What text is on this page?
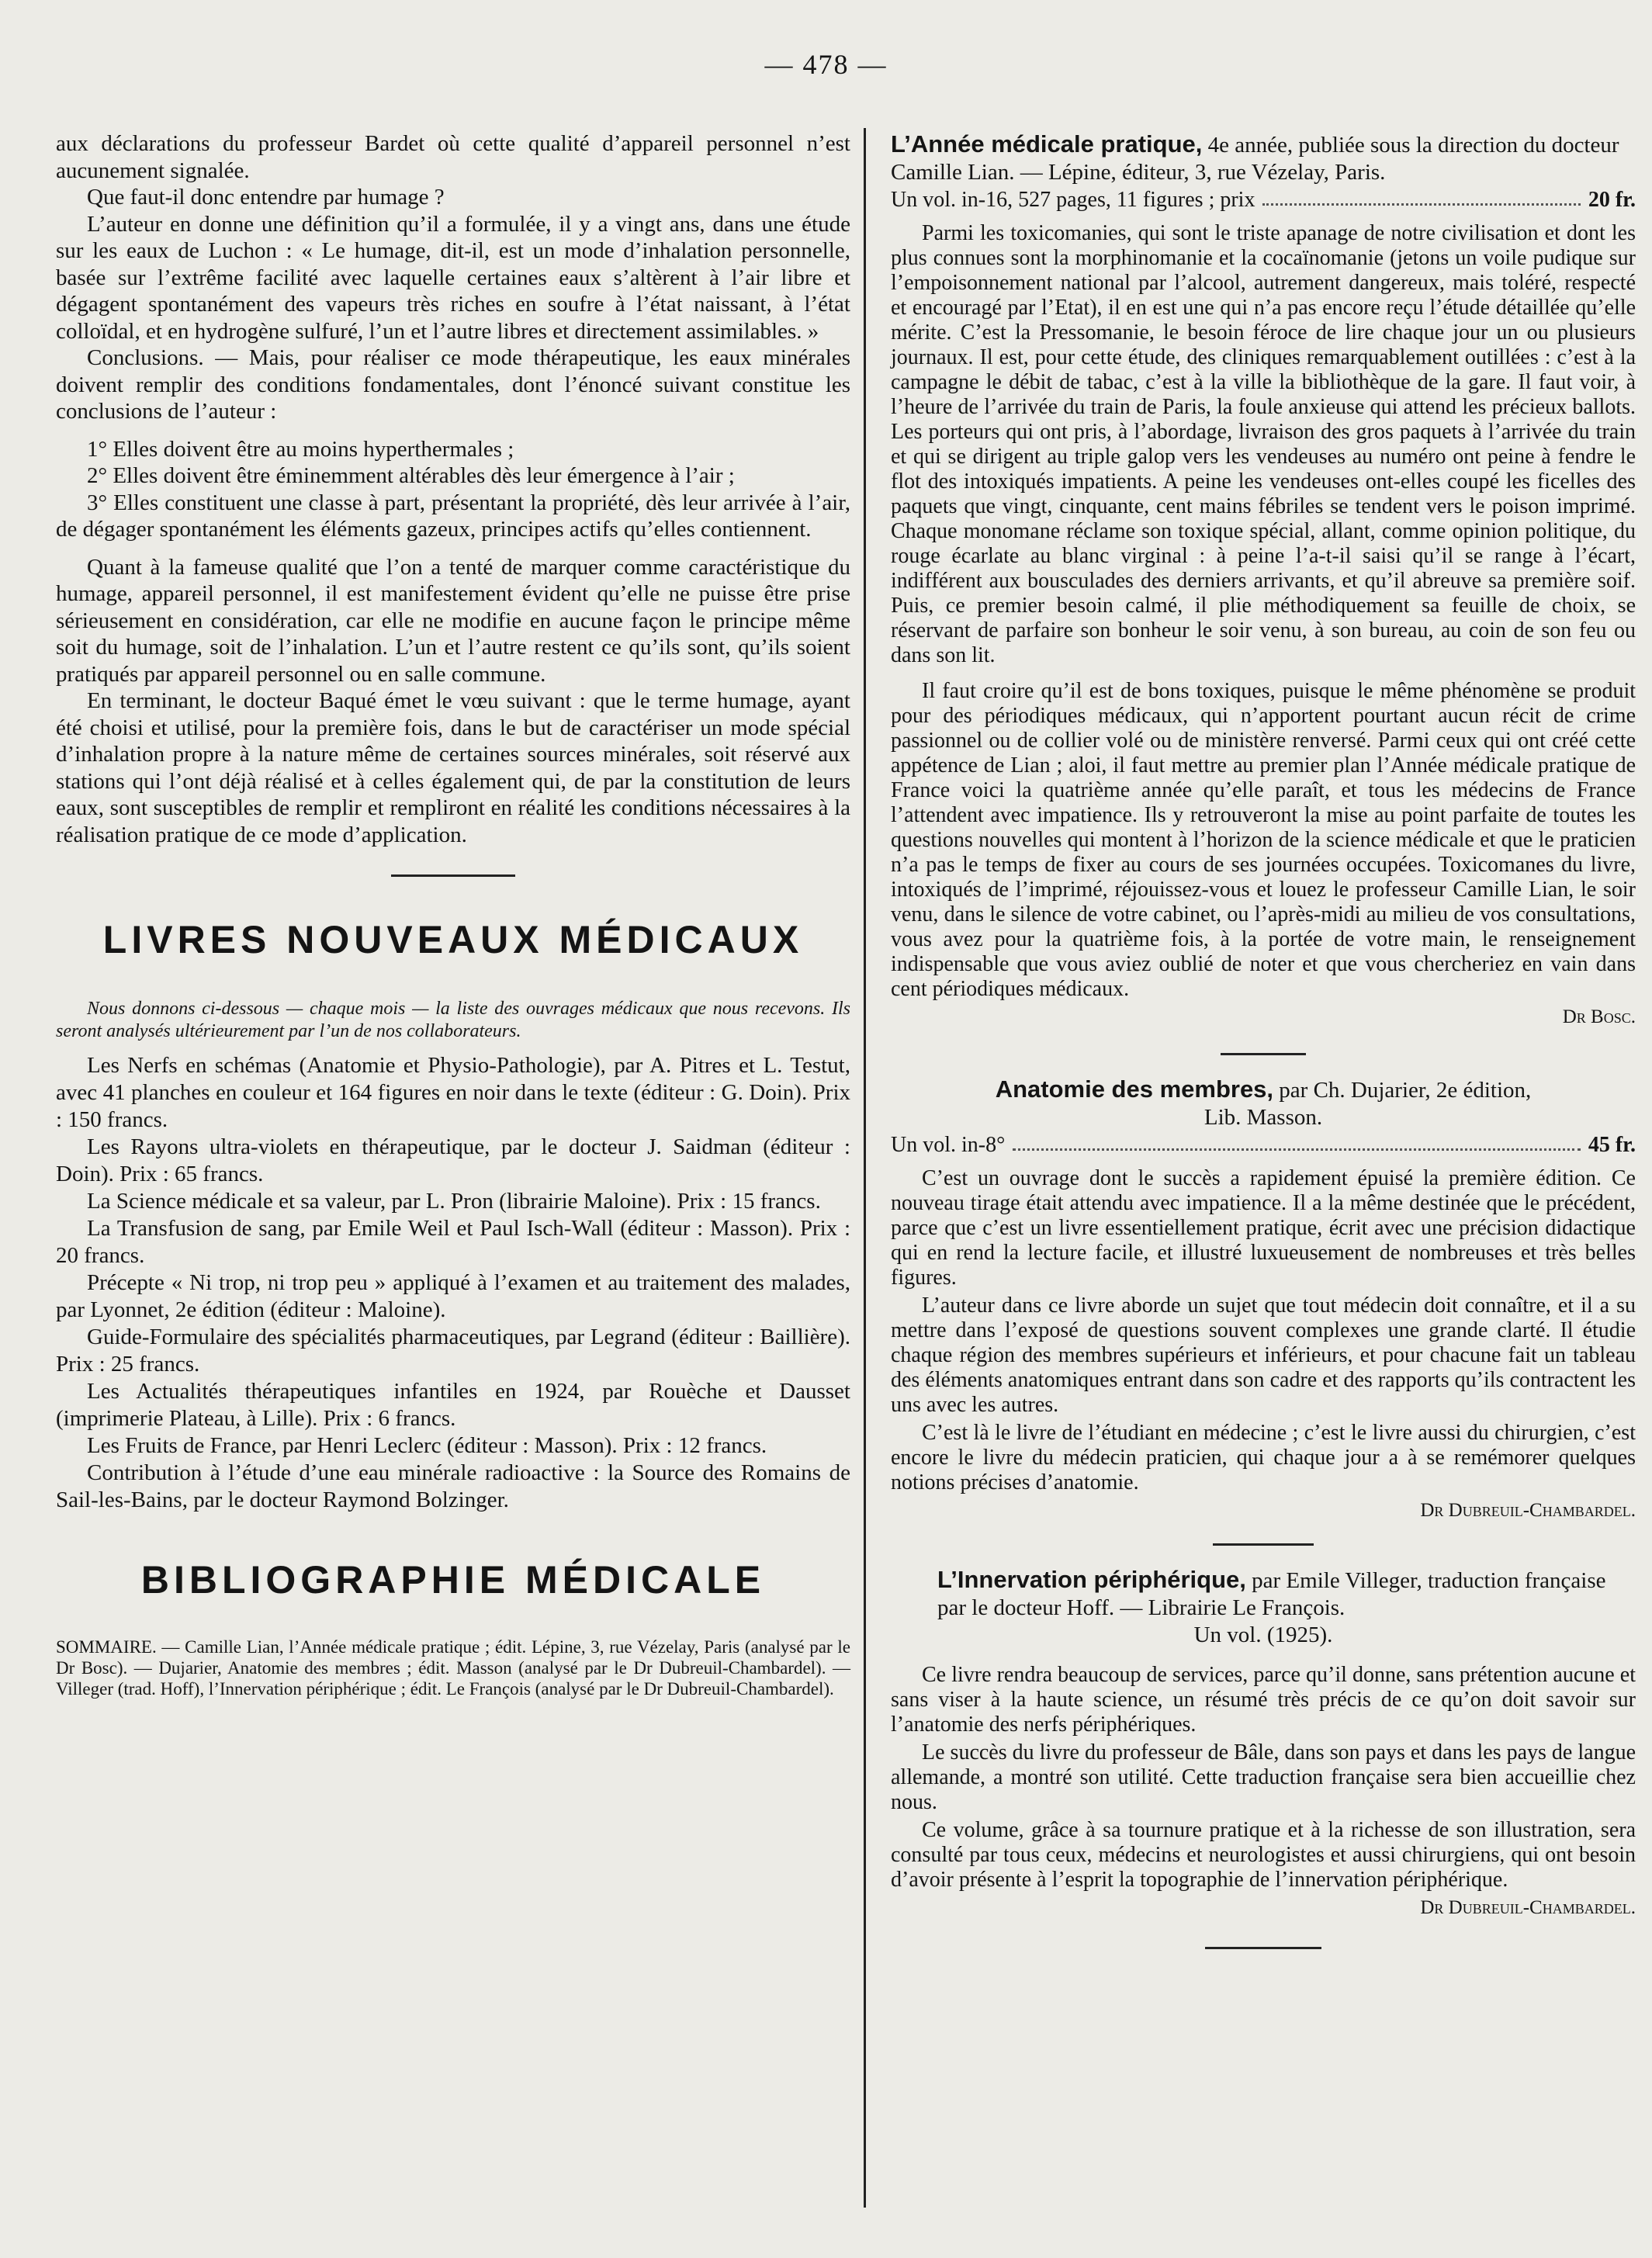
— 478 —

aux déclarations du professeur Bardet où cette qualité d’appareil personnel n’est aucunement signalée.

Que faut-il donc entendre par humage ?

L’auteur en donne une définition qu’il a formulée, il y a vingt ans, dans une étude sur les eaux de Luchon : « Le humage, dit-il, est un mode d’inhalation personnelle, basée sur l’extrême facilité avec laquelle certaines eaux s’altèrent à l’air libre et dégagent spontanément des vapeurs très riches en soufre à l’état naissant, à l’état colloïdal, et en hydrogène sulfuré, l’un et l’autre libres et directement assimilables. »

Conclusions. — Mais, pour réaliser ce mode thérapeutique, les eaux minérales doivent remplir des conditions fondamentales, dont l’énoncé suivant constitue les conclusions de l’auteur :

1° Elles doivent être au moins hyperthermales ;

2° Elles doivent être éminemment altérables dès leur émergence à l’air ;

3° Elles constituent une classe à part, présentant la propriété, dès leur arrivée à l’air, de dégager spontanément les éléments gazeux, principes actifs qu’elles contiennent.

Quant à la fameuse qualité que l’on a tenté de marquer comme caractéristique du humage, appareil personnel, il est manifestement évident qu’elle ne puisse être prise sérieusement en considération, car elle ne modifie en aucune façon le principe même soit du humage, soit de l’inhalation. L’un et l’autre restent ce qu’ils sont, qu’ils soient pratiqués par appareil personnel ou en salle commune.

En terminant, le docteur Baqué émet le vœu suivant : que le terme humage, ayant été choisi et utilisé, pour la première fois, dans le but de caractériser un mode spécial d’inhalation propre à la nature même de certaines sources minérales, soit réservé aux stations qui l’ont déjà réalisé et à celles également qui, de par la constitution de leurs eaux, sont susceptibles de remplir et rempliront en réalité les conditions nécessaires à la réalisation pratique de ce mode d’application.

LIVRES NOUVEAUX MÉDICAUX

Nous donnons ci-dessous — chaque mois — la liste des ouvrages médicaux que nous recevons. Ils seront analysés ultérieurement par l’un de nos collaborateurs.

Les Nerfs en schémas (Anatomie et Physio-Pathologie), par A. Pitres et L. Testut, avec 41 planches en couleur et 164 figures en noir dans le texte (éditeur : G. Doin). Prix : 150 francs.

Les Rayons ultra-violets en thérapeutique, par le docteur J. Saidman (éditeur : Doin). Prix : 65 francs.

La Science médicale et sa valeur, par L. Pron (librairie Maloine). Prix : 15 francs.

La Transfusion de sang, par Emile Weil et Paul Isch-Wall (éditeur : Masson). Prix : 20 francs.

Précepte « Ni trop, ni trop peu » appliqué à l’examen et au traitement des malades, par Lyonnet, 2e édition (éditeur : Maloine).

Guide-Formulaire des spécialités pharmaceutiques, par Legrand (éditeur : Baillière). Prix : 25 francs.

Les Actualités thérapeutiques infantiles en 1924, par Rouèche et Dausset (imprimerie Plateau, à Lille). Prix : 6 francs.

Les Fruits de France, par Henri Leclerc (éditeur : Masson). Prix : 12 francs.

Contribution à l’étude d’une eau minérale radioactive : la Source des Romains de Sail-les-Bains, par le docteur Raymond Bolzinger.

BIBLIOGRAPHIE MÉDICALE

SOMMAIRE. — Camille Lian, l’Année médicale pratique ; édit. Lépine, 3, rue Vézelay, Paris (analysé par le Dr Bosc). — Dujarier, Anatomie des membres ; édit. Masson (analysé par le Dr Dubreuil-Chambardel). — Villeger (trad. Hoff), l’Innervation périphérique ; édit. Le François (analysé par le Dr Dubreuil-Chambardel).

L’Année médicale pratique, 4e année, publiée sous la direction du docteur Camille Lian. — Lépine, éditeur, 3, rue Vézelay, Paris.
Un vol. in-16, 527 pages, 11 figures ; prix	20 fr.

Parmi les toxicomanies, qui sont le triste apanage de notre civilisation et dont les plus connues sont la morphinomanie et la cocaïnomanie (jetons un voile pudique sur l’empoisonnement national par l’alcool, autrement dangereux, mais toléré, respecté et encouragé par l’Etat), il en est une qui n’a pas encore reçu l’étude détaillée qu’elle mérite. C’est la Pressomanie, le besoin féroce de lire chaque jour un ou plusieurs journaux. Il est, pour cette étude, des cliniques remarquablement outillées : c’est à la campagne le débit de tabac, c’est à la ville la bibliothèque de la gare. Il faut voir, à l’heure de l’arrivée du train de Paris, la foule anxieuse qui attend les précieux ballots. Les porteurs qui ont pris, à l’abordage, livraison des gros paquets à l’arrivée du train et qui se dirigent au triple galop vers les vendeuses au numéro ont peine à fendre le flot des intoxiqués impatients. A peine les vendeuses ont-elles coupé les ficelles des paquets que vingt, cinquante, cent mains fébriles se tendent vers le poison imprimé. Chaque monomane réclame son toxique spécial, allant, comme opinion politique, du rouge écarlate au blanc virginal : à peine l’a-t-il saisi qu’il se range à l’écart, indifférent aux bousculades des derniers arrivants, et qu’il abreuve sa première soif. Puis, ce premier besoin calmé, il plie méthodiquement sa feuille de choix, se réservant de parfaire son bonheur le soir venu, à son bureau, au coin de son feu ou dans son lit.

Il faut croire qu’il est de bons toxiques, puisque le même phénomène se produit pour des périodiques médicaux, qui n’apportent pourtant aucun récit de crime passionnel ou de collier volé ou de ministère renversé. Parmi ceux qui ont créé cette appétence de Lian ; aloi, il faut mettre au premier plan l’Année médicale pratique de France voici la quatrième année qu’elle paraît, et tous les médecins de France l’attendent avec impatience. Ils y retrouveront la mise au point parfaite de toutes les questions nouvelles qui montent à l’horizon de la science médicale et que le praticien n’a pas le temps de fixer au cours de ses journées occupées. Toxicomanes du livre, intoxiqués de l’imprimé, réjouissez-vous et louez le professeur Camille Lian, le soir venu, dans le silence de votre cabinet, ou l’après-midi au milieu de vos consultations, vous avez pour la quatrième fois, à la portée de votre main, le renseignement indispensable que vous aviez oublié de noter et que vous chercheriez en vain dans cent périodiques médicaux.

Dr Bosc.
Anatomie des membres, par Ch. Dujarier, 2e édition,
Lib. Masson.
Un vol. in-8°	45 fr.

C’est un ouvrage dont le succès a rapidement épuisé la première édition. Ce nouveau tirage était attendu avec impatience. Il a la même destinée que le précédent, parce que c’est un livre essentiellement pratique, écrit avec une précision didactique qui en rend la lecture facile, et illustré luxueusement de nombreuses et très belles figures.

L’auteur dans ce livre aborde un sujet que tout médecin doit connaître, et il a su mettre dans l’exposé de questions souvent complexes une grande clarté. Il étudie chaque région des membres supérieurs et inférieurs, et pour chacune fait un tableau des éléments anatomiques entrant dans son cadre et des rapports qu’ils contractent les uns avec les autres.

C’est là le livre de l’étudiant en médecine ; c’est le livre aussi du chirurgien, c’est encore le livre du médecin praticien, qui chaque jour a à se remémorer quelques notions précises d’anatomie.

Dr Dubreuil-Chambardel.
L’Innervation périphérique, par Emile Villeger, traduction française par le docteur Hoff. — Librairie Le François.
Un vol. (1925).

Ce livre rendra beaucoup de services, parce qu’il donne, sans prétention aucune et sans viser à la haute science, un résumé très précis de ce qu’on doit savoir sur l’anatomie des nerfs périphériques.

Le succès du livre du professeur de Bâle, dans son pays et dans les pays de langue allemande, a montré son utilité. Cette traduction française sera bien accueillie chez nous.

Ce volume, grâce à sa tournure pratique et à la richesse de son illustration, sera consulté par tous ceux, médecins et neurologistes et aussi chirurgiens, qui ont besoin d’avoir présente à l’esprit la topographie de l’innervation périphérique.

Dr Dubreuil-Chambardel.
